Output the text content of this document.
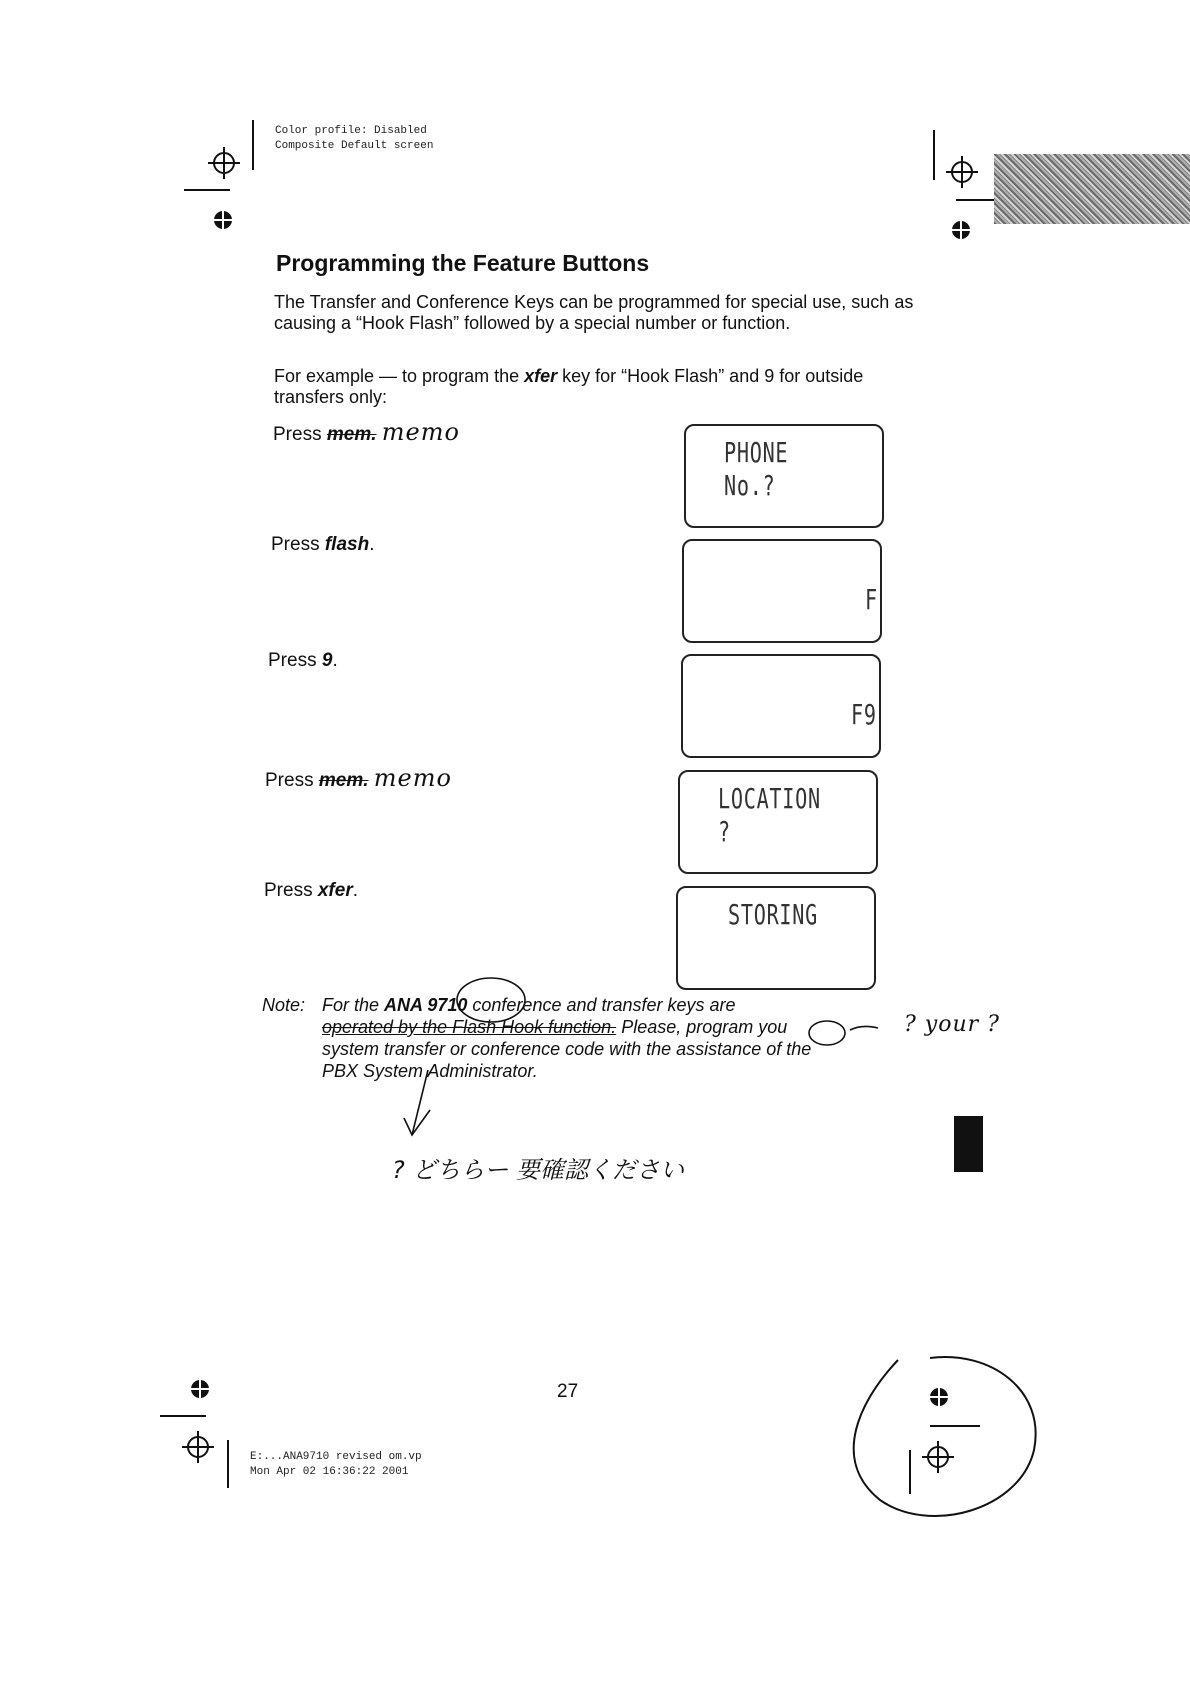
Color profile: Disabled
Composite Default screen
Programming the Feature Buttons
The Transfer and Conference Keys can be programmed for special use, such as causing a “Hook Flash” followed by a special number or function.
For example — to program the xfer key for “Hook Flash” and 9 for outside transfers only:
Press mem. memo
PHONE No.?
Press flash.
F
Press 9.
F9
Press mem. memo
LOCATION ?
Press xfer.
STORING
Note: For the ANA 9710 conference and transfer keys are
operated by the Flash Hook function. Please, program you
system transfer or conference code with the assistance of the
PBX System Administrator.
? your ?
? どちらー 要確認ください
27
E:...ANA9710 revised om.vp
Mon Apr 02 16:36:22 2001
